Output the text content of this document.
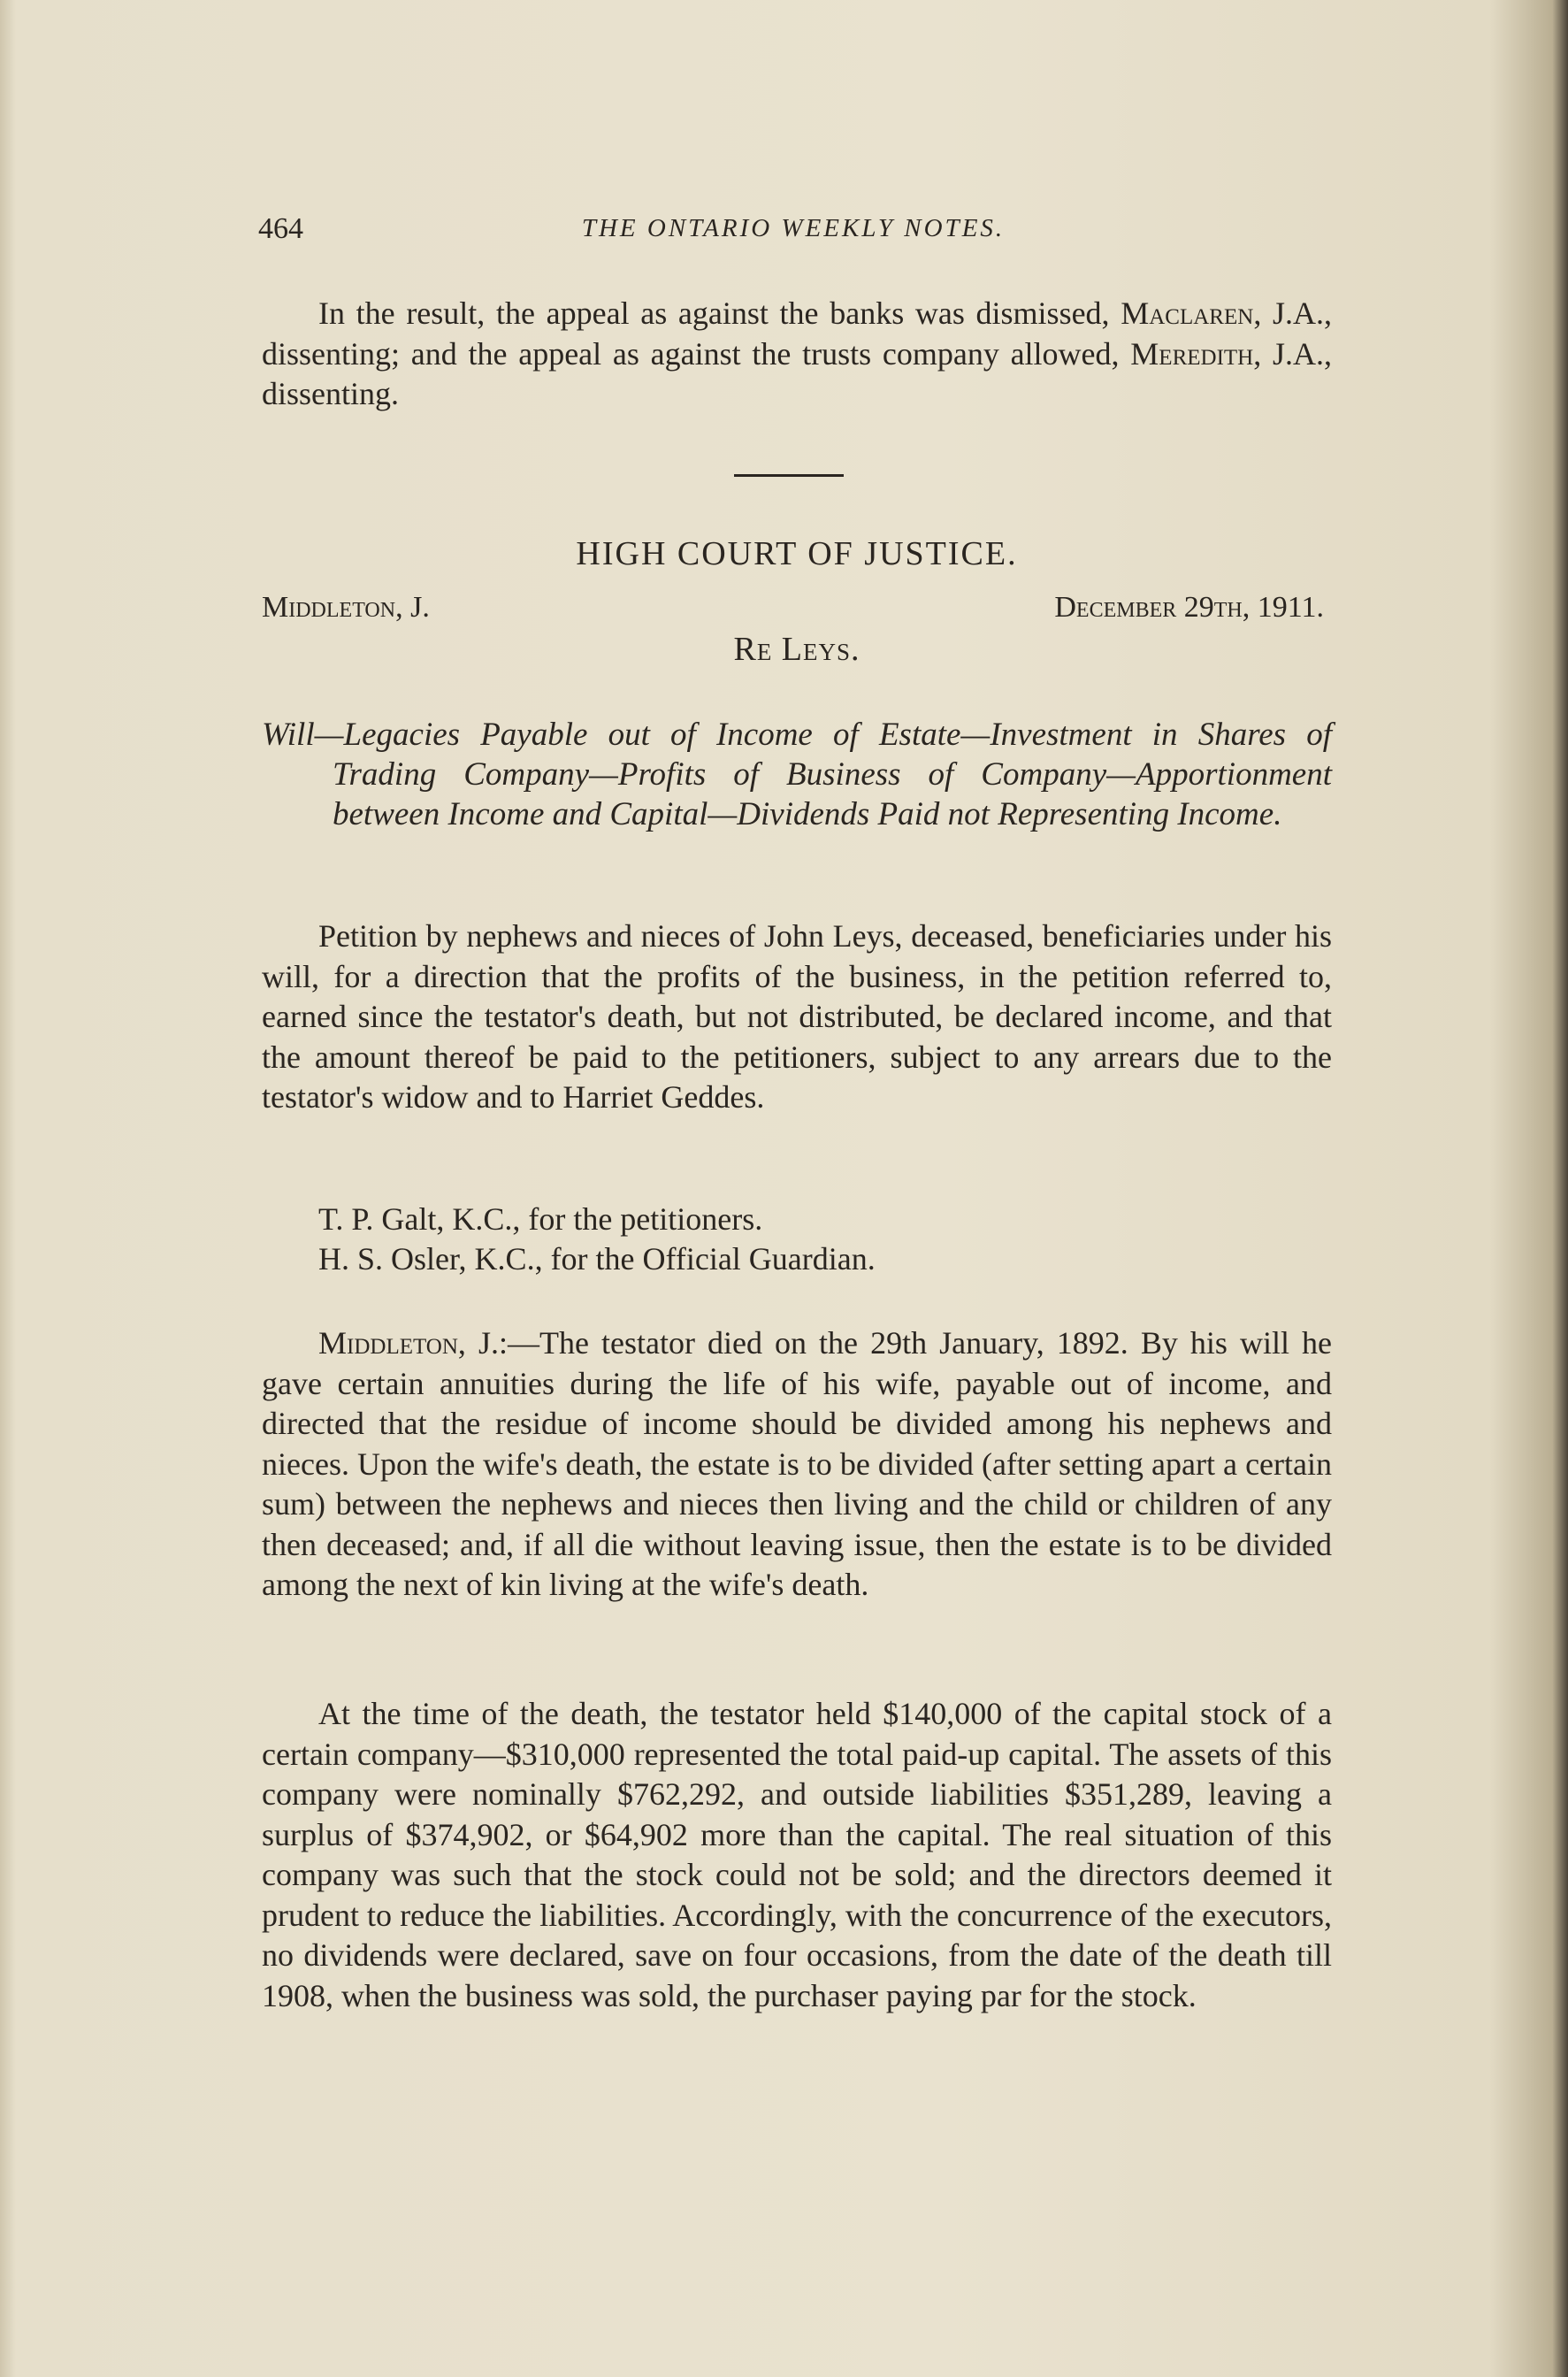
464	THE ONTARIO WEEKLY NOTES.
In the result, the appeal as against the banks was dismissed, Maclaren, J.A., dissenting; and the appeal as against the trusts company allowed, Meredith, J.A., dissenting.
HIGH COURT OF JUSTICE.
Middleton, J.	December 29th, 1911.
Re Leys.
Will—Legacies Payable out of Income of Estate—Investment in Shares of Trading Company—Profits of Business of Company—Apportionment between Income and Capital—Dividends Paid not Representing Income.
Petition by nephews and nieces of John Leys, deceased, beneficiaries under his will, for a direction that the profits of the business, in the petition referred to, earned since the testator's death, but not distributed, be declared income, and that the amount thereof be paid to the petitioners, subject to any arrears due to the testator's widow and to Harriet Geddes.
T. P. Galt, K.C., for the petitioners.
H. S. Osler, K.C., for the Official Guardian.
Middleton, J.:—The testator died on the 29th January, 1892. By his will he gave certain annuities during the life of his wife, payable out of income, and directed that the residue of income should be divided among his nephews and nieces. Upon the wife's death, the estate is to be divided (after setting apart a certain sum) between the nephews and nieces then living and the child or children of any then deceased; and, if all die without leaving issue, then the estate is to be divided among the next of kin living at the wife's death.
At the time of the death, the testator held $140,000 of the capital stock of a certain company—$310,000 represented the total paid-up capital. The assets of this company were nominally $762,292, and outside liabilities $351,289, leaving a surplus of $374,902, or $64,902 more than the capital. The real situation of this company was such that the stock could not be sold; and the directors deemed it prudent to reduce the liabilities. Accordingly, with the concurrence of the executors, no dividends were declared, save on four occasions, from the date of the death till 1908, when the business was sold, the purchaser paying par for the stock.
